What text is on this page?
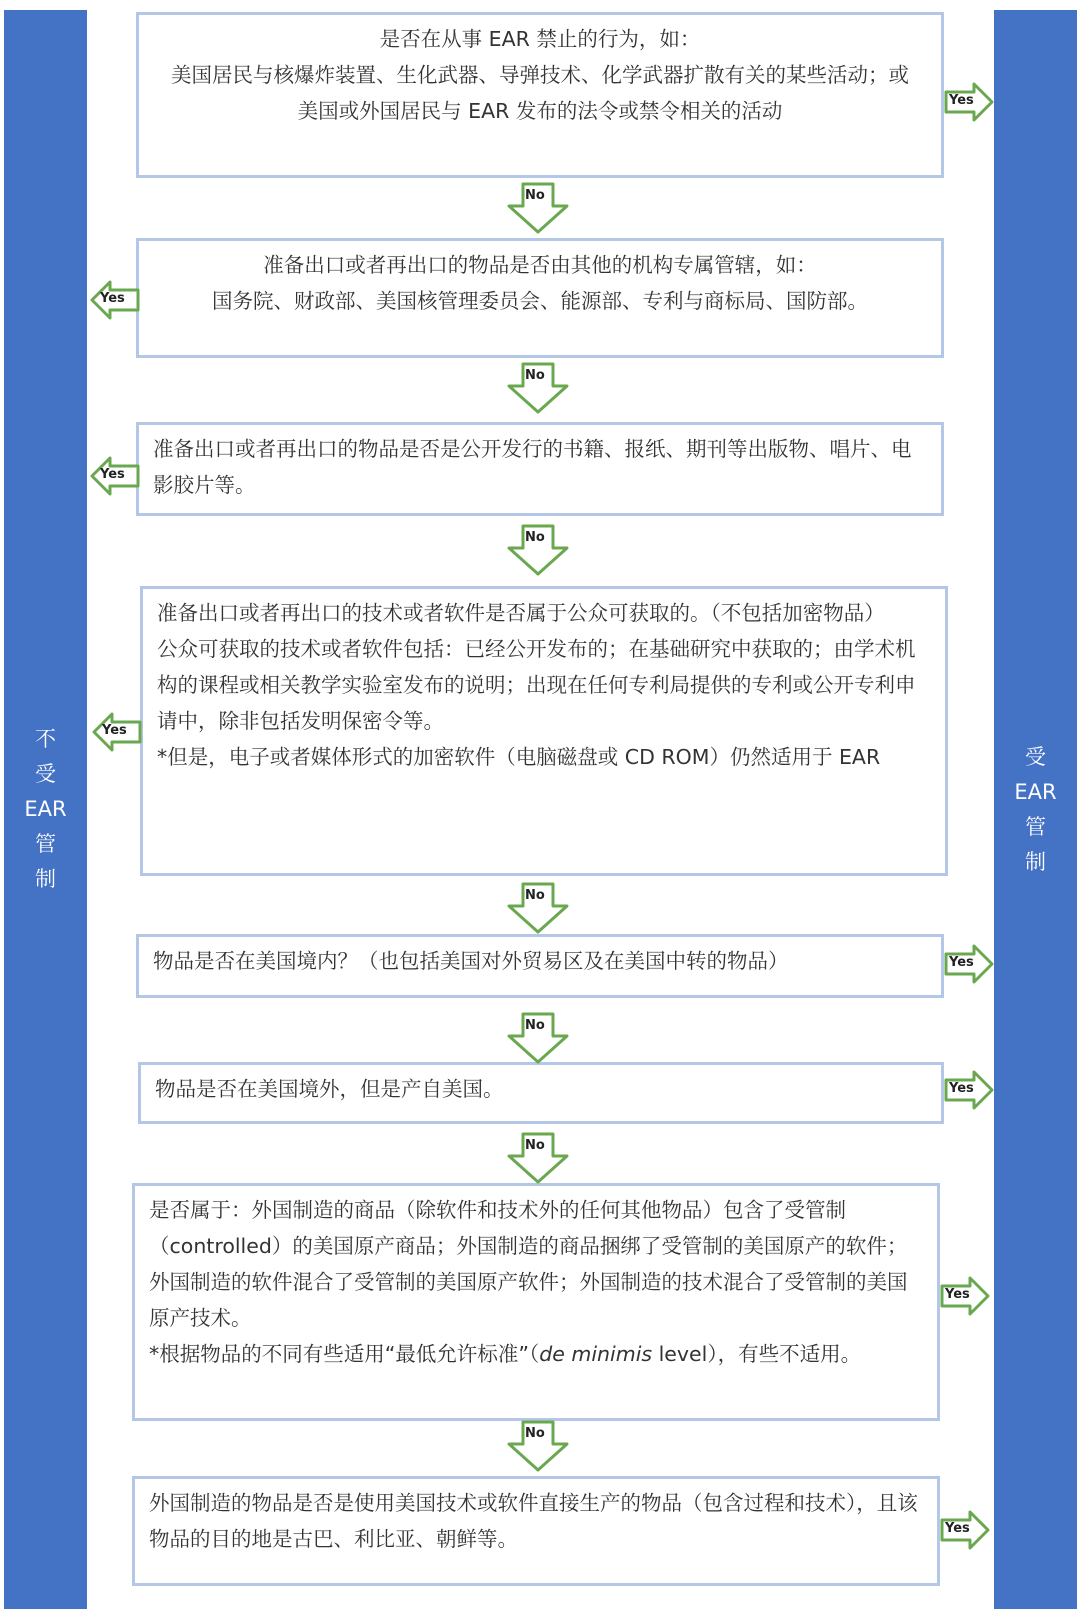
不
受
EAR
管
制
受
EAR
管
制

是否在从事 EAR 禁止的行为，如：

美国居民与核爆炸装置、生化武器、导弹技术、化学武器扩散有关的某些活动；或

美国或外国居民与 EAR 发布的法令或禁令相关的活动

准备出口或者再出口的物品是否由其他的机构专属管辖，如：

国务院、财政部、美国核管理委员会、能源部、专利与商标局、国防部。

准备出口或者再出口的物品是否是公开发行的书籍、报纸、期刊等出版物、唱片、电影胶片等。

准备出口或者再出口的技术或者软件是否属于公众可获取的。（不包括加密物品）

公众可获取的技术或者软件包括：已经公开发布的；在基础研究中获取的；由学术机构的课程或相关教学实验室发布的说明；出现在任何专利局提供的专利或公开专利申请中，除非包括发明保密令等。

*但是，电子或者媒体形式的加密软件（电脑磁盘或 CD ROM）仍然适用于 EAR

物品是否在美国境内？（也包括美国对外贸易区及在美国中转的物品）

物品是否在美国境外，但是产自美国。

是否属于：外国制造的商品（除软件和技术外的任何其他物品）包含了受管制（controlled）的美国原产商品；外国制造的商品捆绑了受管制的美国原产的软件；外国制造的软件混合了受管制的美国原产软件；外国制造的技术混合了受管制的美国原产技术。

*根据物品的不同有些适用“最低允许标准”（de minimis level），有些不适用。

外国制造的物品是否是使用美国技术或软件直接生产的物品（包含过程和技术），且该物品的目的地是古巴、利比亚、朝鲜等。

No
No
No
No
No
No
No
Yes
Yes
Yes
Yes
Yes
Yes
Yes
Yes
